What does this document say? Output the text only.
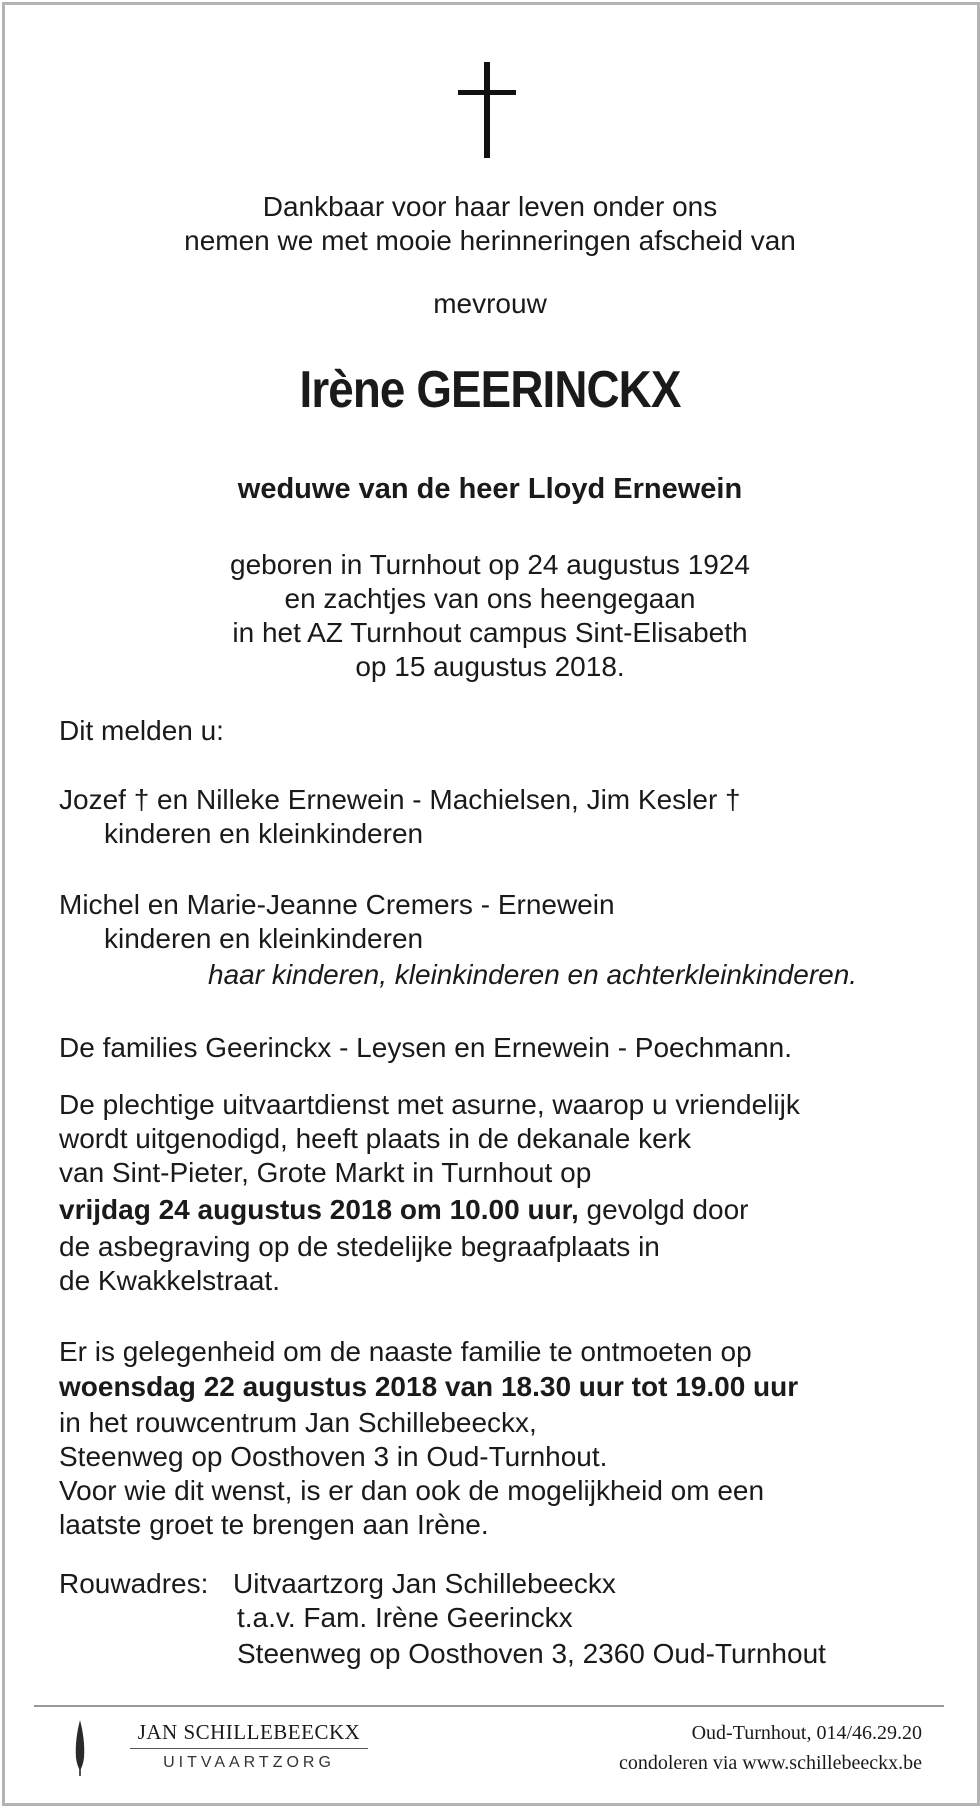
Dankbaar voor haar leven onder ons
nemen we met mooie herinneringen afscheid van
mevrouw
Irène GEERINCKX
weduwe van de heer Lloyd Ernewein
geboren in Turnhout op 24 augustus 1924
en zachtjes van ons heengegaan
in het AZ Turnhout campus Sint-Elisabeth
op 15 augustus 2018.
Dit melden u:
Jozef † en Nilleke Ernewein - Machielsen, Jim Kesler †
kinderen en kleinkinderen
Michel en Marie-Jeanne Cremers - Ernewein
kinderen en kleinkinderen
haar kinderen, kleinkinderen en achterkleinkinderen.
De families Geerinckx - Leysen en Ernewein - Poechmann.
De plechtige uitvaartdienst met asurne, waarop u vriendelijk
wordt uitgenodigd, heeft plaats in de dekanale kerk
van Sint-Pieter, Grote Markt in Turnhout op
vrijdag 24 augustus 2018 om 10.00 uur, gevolgd door
de asbegraving op de stedelijke begraafplaats in
de Kwakkelstraat.
Er is gelegenheid om de naaste familie te ontmoeten op
woensdag 22 augustus 2018 van 18.30 uur tot 19.00 uur
in het rouwcentrum Jan Schillebeeckx,
Steenweg op Oosthoven 3 in Oud-Turnhout.
Voor wie dit wenst, is er dan ook de mogelijkheid om een
laatste groet te brengen aan Irène.
Rouwadres: Uitvaartzorg Jan Schillebeeckx
t.a.v. Fam. Irène Geerinckx
Steenweg op Oosthoven 3, 2360 Oud-Turnhout
JAN SCHILLEBEECKX
UITVAARTZORG
Oud-Turnhout, 014/46.29.20
condoleren via www.schillebeeckx.be
